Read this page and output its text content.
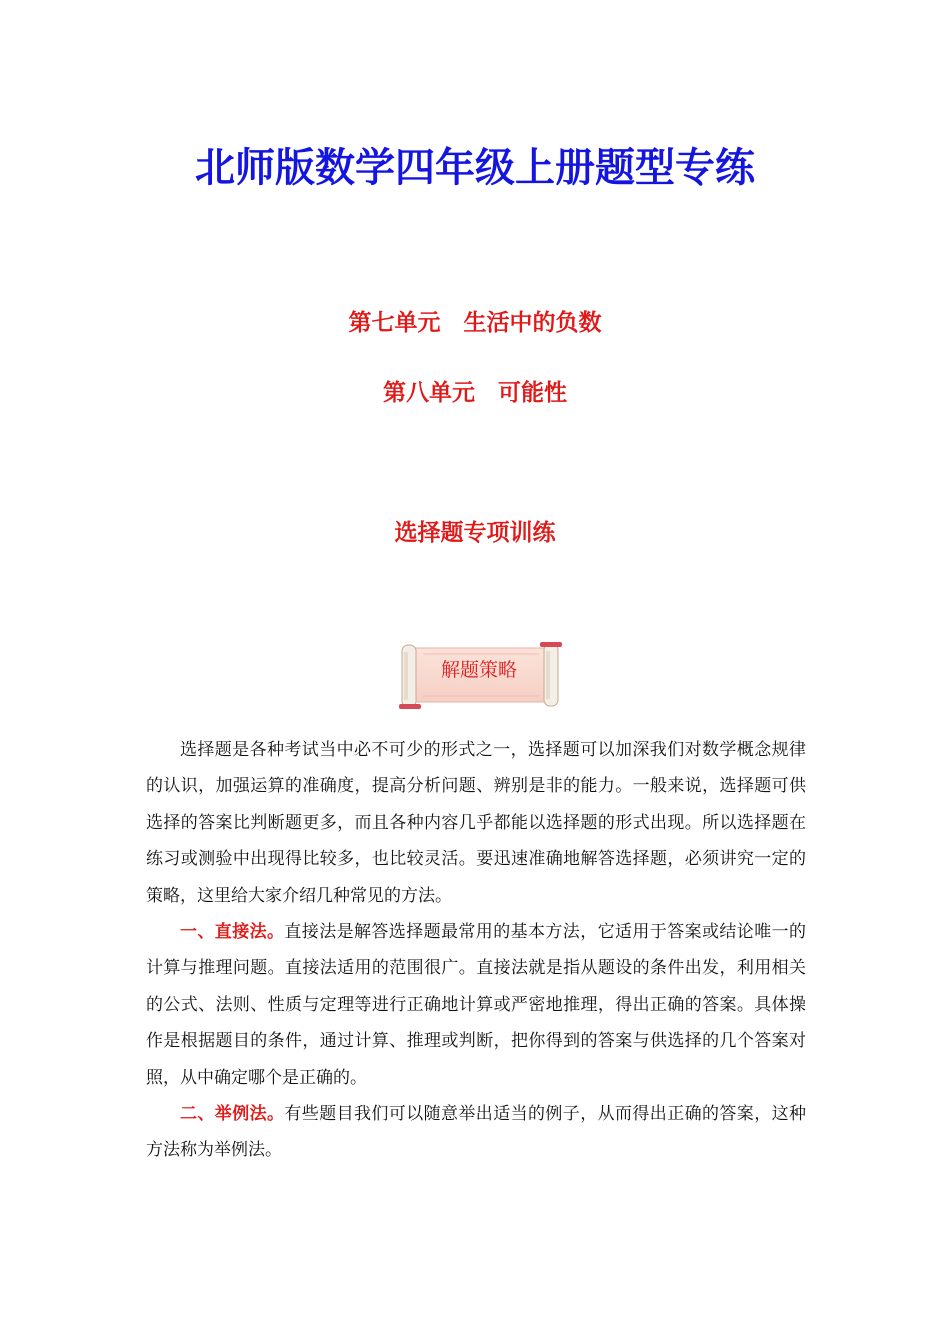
北师版数学四年级上册题型专练
第七单元　生活中的负数
第八单元　可能性
选择题专项训练
解题策略

选择题是各种考试当中必不可少的形式之一，选择题可以加深我们对数学概念规律的认识，加强运算的准确度，提高分析问题、辨别是非的能力。一般来说，选择题可供选择的答案比判断题更多，而且各种内容几乎都能以选择题的形式出现。所以选择题在练习或测验中出现得比较多，也比较灵活。要迅速准确地解答选择题，必须讲究一定的策略，这里给大家介绍几种常见的方法。

一、直接法。直接法是解答选择题最常用的基本方法，它适用于答案或结论唯一的计算与推理问题。直接法适用的范围很广。直接法就是指从题设的条件出发，利用相关的公式、法则、性质与定理等进行正确地计算或严密地推理，得出正确的答案。具体操作是根据题目的条件，通过计算、推理或判断，把你得到的答案与供选择的几个答案对照，从中确定哪个是正确的。

二、举例法。有些题目我们可以随意举出适当的例子，从而得出正确的答案，这种方法称为举例法。
